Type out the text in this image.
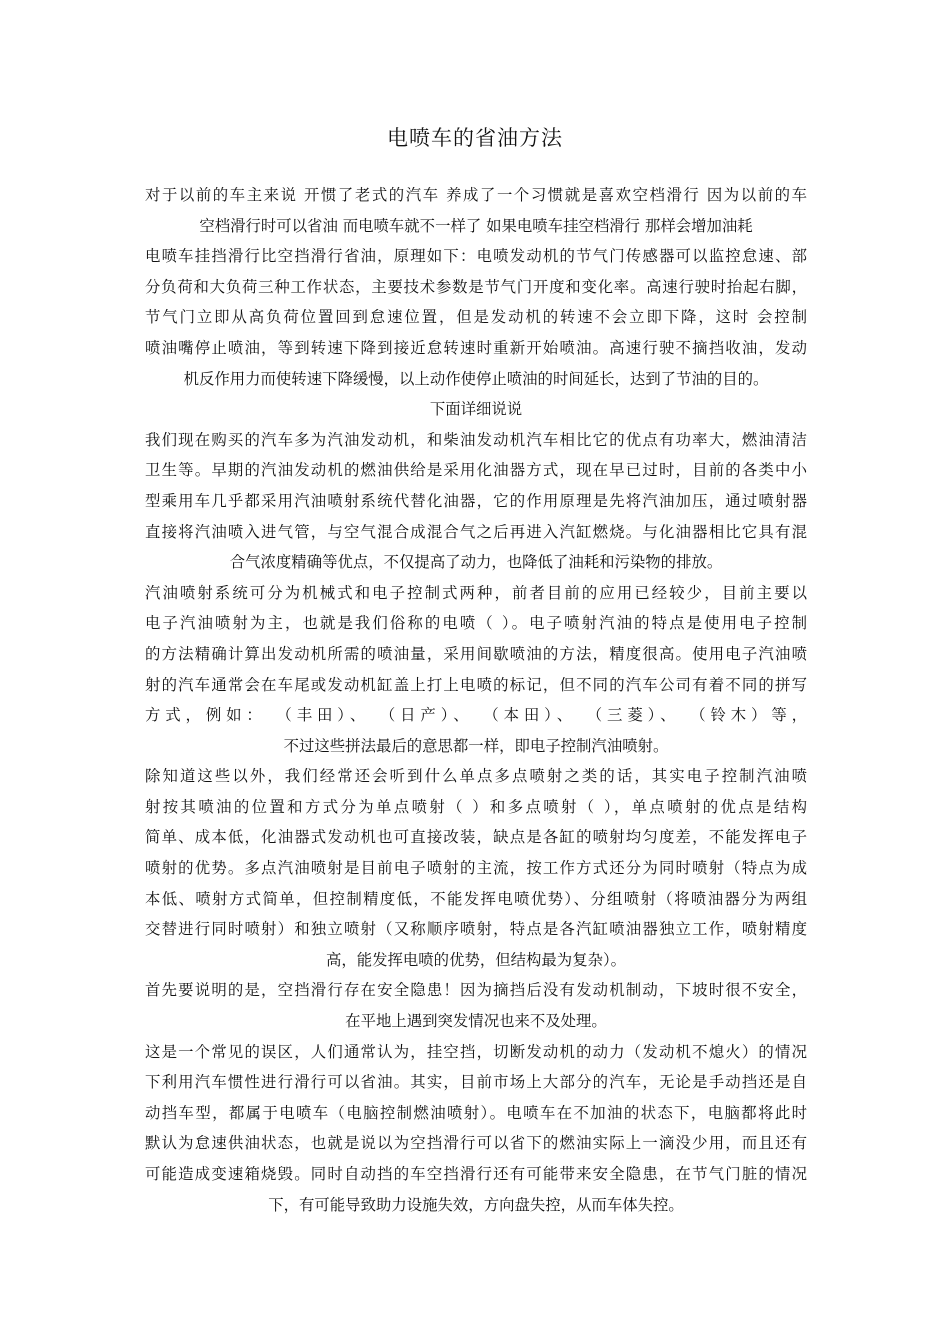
电喷车的省油方法
对于以前的车主来说 开惯了老式的汽车 养成了一个习惯就是喜欢空档滑行 因为以前的车
空档滑行时可以省油 而电喷车就不一样了 如果电喷车挂空档滑行 那样会增加油耗
电喷车挂挡滑行比空挡滑行省油，原理如下：电喷发动机的节气门传感器可以监控怠速、部
分负荷和大负荷三种工作状态，主要技术参数是节气门开度和变化率。高速行驶时抬起右脚，
节气门立即从高负荷位置回到怠速位置，但是发动机的转速不会立即下降，这时 会控制
喷油嘴停止喷油，等到转速下降到接近怠转速时重新开始喷油。高速行驶不摘挡收油，发动
机反作用力而使转速下降缓慢，以上动作使停止喷油的时间延长，达到了节油的目的。
下面详细说说
我们现在购买的汽车多为汽油发动机，和柴油发动机汽车相比它的优点有功率大，燃油清洁
卫生等。早期的汽油发动机的燃油供给是采用化油器方式，现在早已过时，目前的各类中小
型乘用车几乎都采用汽油喷射系统代替化油器，它的作用原理是先将汽油加压，通过喷射器
直接将汽油喷入进气管，与空气混合成混合气之后再进入汽缸燃烧。与化油器相比它具有混
合气浓度精确等优点，不仅提高了动力，也降低了油耗和污染物的排放。
汽油喷射系统可分为机械式和电子控制式两种，前者目前的应用已经较少，目前主要以
电子汽油喷射为主，也就是我们俗称的电喷（ ）。电子喷射汽油的特点是使用电子控制
的方法精确计算出发动机所需的喷油量，采用间歇喷油的方法，精度很高。使用电子汽油喷
射的汽车通常会在车尾或发动机缸盖上打上电喷的标记，但不同的汽车公司有着不同的拼写
方式，例如： （丰田）、 （日产）、 （本田）、 （三菱）、 （铃木）等，
不过这些拼法最后的意思都一样，即电子控制汽油喷射。
除知道这些以外，我们经常还会听到什么单点多点喷射之类的话，其实电子控制汽油喷
射按其喷油的位置和方式分为单点喷射（ ）和多点喷射（ ），单点喷射的优点是结构
简单、成本低，化油器式发动机也可直接改装，缺点是各缸的喷射均匀度差，不能发挥电子
喷射的优势。多点汽油喷射是目前电子喷射的主流，按工作方式还分为同时喷射（特点为成
本低、喷射方式简单，但控制精度低，不能发挥电喷优势）、分组喷射（将喷油器分为两组
交替进行同时喷射）和独立喷射（又称顺序喷射，特点是各汽缸喷油器独立工作，喷射精度
高，能发挥电喷的优势，但结构最为复杂）。
首先要说明的是，空挡滑行存在安全隐患！因为摘挡后没有发动机制动，下坡时很不安全，
在平地上遇到突发情况也来不及处理。
这是一个常见的误区，人们通常认为，挂空挡，切断发动机的动力（发动机不熄火）的情况
下利用汽车惯性进行滑行可以省油。其实，目前市场上大部分的汽车，无论是手动挡还是自
动挡车型，都属于电喷车（电脑控制燃油喷射）。电喷车在不加油的状态下，电脑都将此时
默认为怠速供油状态，也就是说以为空挡滑行可以省下的燃油实际上一滴没少用，而且还有
可能造成变速箱烧毁。同时自动挡的车空挡滑行还有可能带来安全隐患，在节气门脏的情况
下，有可能导致助力设施失效，方向盘失控，从而车体失控。
